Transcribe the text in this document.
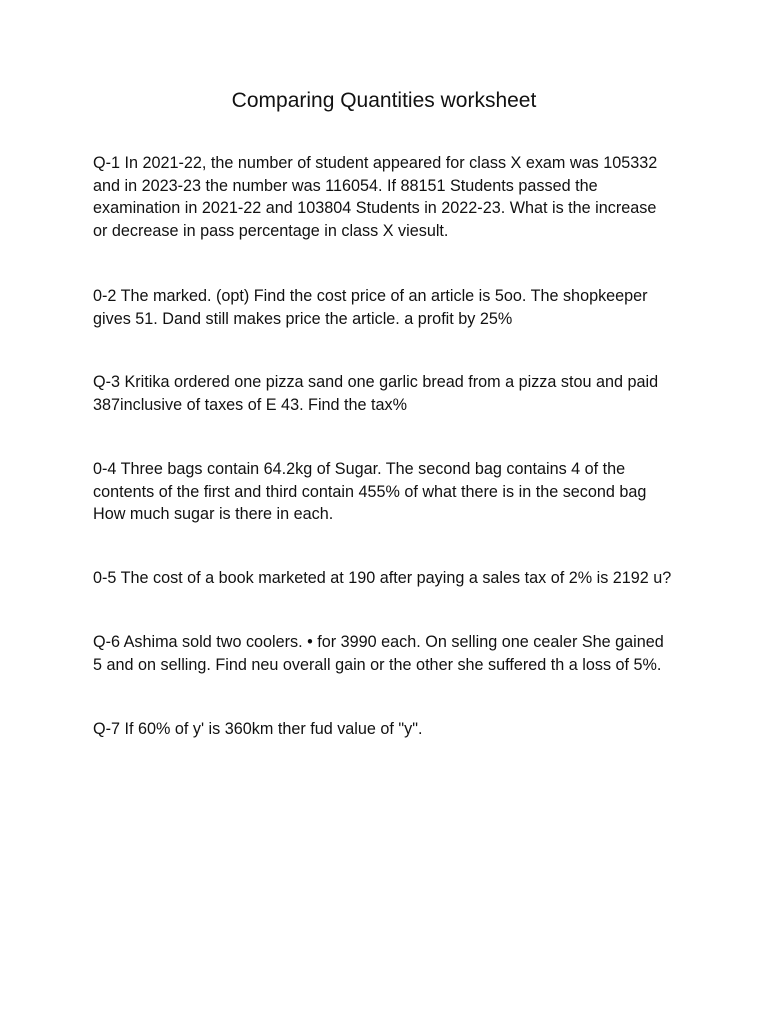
Comparing Quantities worksheet

Q-1 In 2021-22, the number of student appeared for class X exam was 105332
and in 2023-23 the number was 116054. If 88151 Students passed the
examination in 2021-22 and 103804 Students in 2022-23. What is the increase
or decrease in pass percentage in class X viesult.

0-2 The marked. (opt) Find the cost price of an article is 5oo. The shopkeeper
gives 51. Dand still makes price the article. a profit by 25%

Q-3 Kritika ordered one pizza sand one garlic bread from a pizza stou and paid
387inclusive of taxes of E 43. Find the tax%

0-4 Three bags contain 64.2kg of Sugar. The second bag contains 4 of the
contents of the first and third contain 455% of what there is in the second bag
How much sugar is there in each.

0-5 The cost of a book marketed at 190 after paying a sales tax of 2% is 2192 u?

Q-6 Ashima sold two coolers. • for 3990 each. On selling one cealer She gained
5 and on selling. Find neu overall gain or the other she suffered th a loss of 5%.

Q-7 If 60% of y' is 360km ther fud value of "y".
